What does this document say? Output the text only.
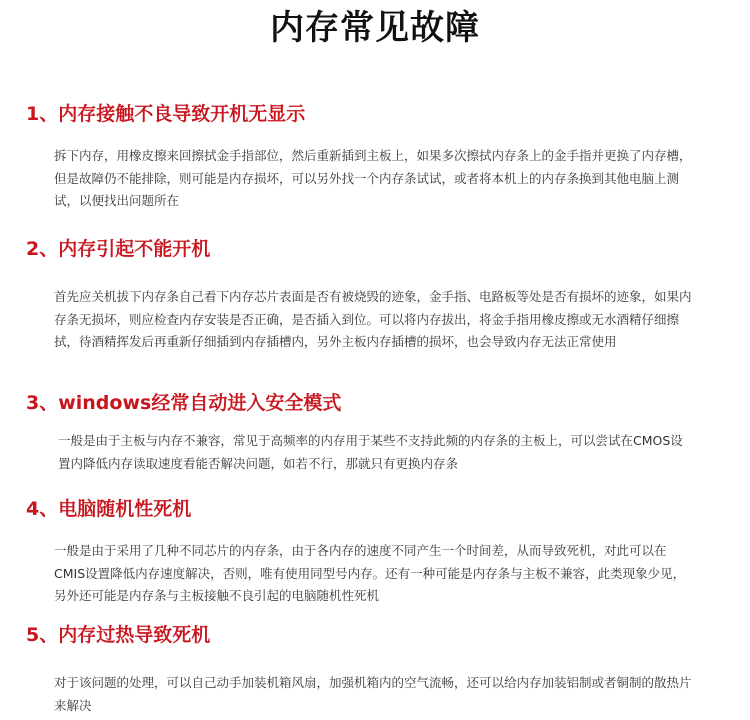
内存常见故障
1、内存接触不良导致开机无显示
拆下内存，用橡皮擦来回擦拭金手指部位，然后重新插到主板上，如果多次擦拭内存条上的金手指并更换了内存槽，但是故障仍不能排除，则可能是内存损坏，可以另外找一个内存条试试，或者将本机上的内存条换到其他电脑上测试，以便找出问题所在
2、内存引起不能开机
首先应关机拔下内存条自己看下内存芯片表面是否有被烧毁的迹象，金手指、电路板等处是否有损坏的迹象，如果内存条无损坏，则应检查内存安装是否正确，是否插入到位。可以将内存拔出，将金手指用橡皮擦或无水酒精仔细擦拭，待酒精挥发后再重新仔细插到内存插槽内，另外主板内存插槽的损坏，也会导致内存无法正常使用
3、windows经常自动进入安全模式
一般是由于主板与内存不兼容，常见于高频率的内存用于某些不支持此频的内存条的主板上，可以尝试在CMOS设置内降低内存读取速度看能否解决问题，如若不行，那就只有更换内存条
4、电脑随机性死机
一般是由于采用了几种不同芯片的内存条，由于各内存的速度不同产生一个时间差，从而导致死机，对此可以在CMIS设置降低内存速度解决，否则，唯有使用同型号内存。还有一种可能是内存条与主板不兼容，此类现象少见，另外还可能是内存条与主板接触不良引起的电脑随机性死机
5、内存过热导致死机
对于该问题的处理，可以自己动手加装机箱风扇，加强机箱内的空气流畅，还可以给内存加装铝制或者铜制的散热片来解决
